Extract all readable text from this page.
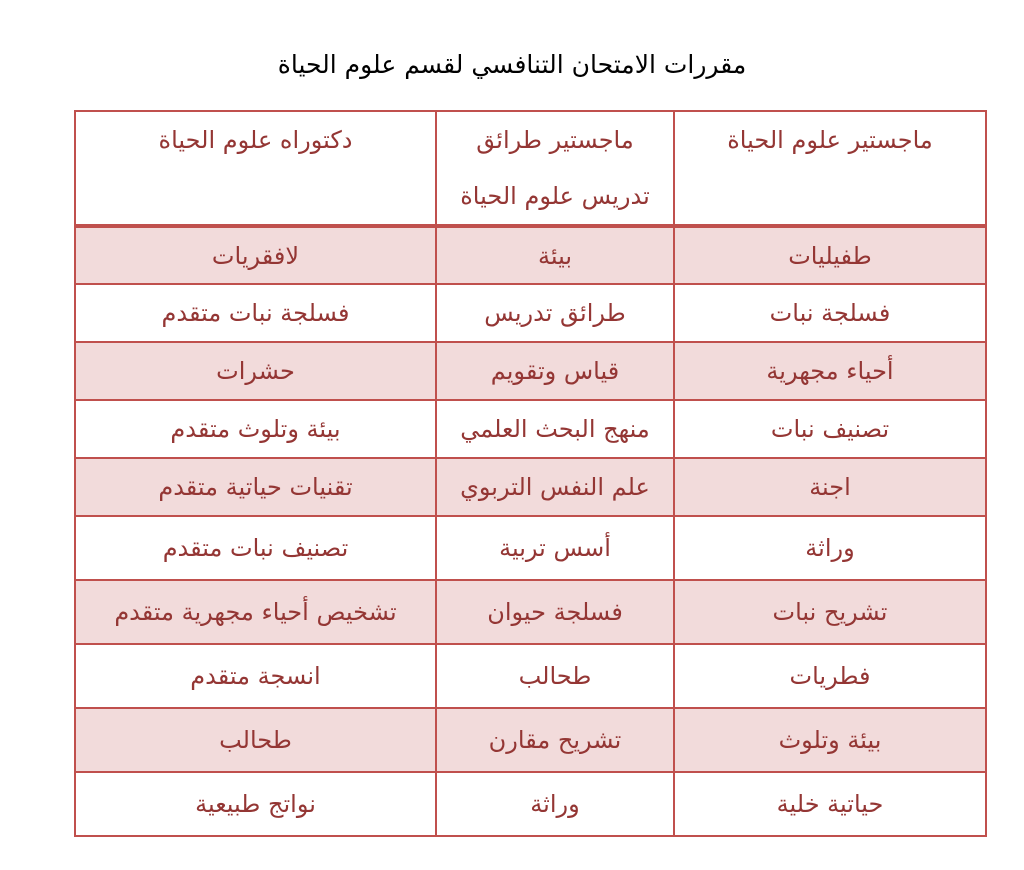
مقررات الامتحان التنافسي لقسم علوم الحياة
ماجستير علوم الحياة	ماجستير طرائق تدريس علوم الحياة	دكتوراه علوم الحياة
طفيليات	بيئة	لافقريات
فسلجة نبات	طرائق تدريس	فسلجة نبات متقدم
أحياء مجهرية	قياس وتقويم	حشرات
تصنيف نبات	منهج البحث العلمي	بيئة وتلوث متقدم
اجنة	علم النفس التربوي	تقنيات حياتية متقدم
وراثة	أسس تربية	تصنيف نبات متقدم
تشريح نبات	فسلجة حيوان	تشخيص أحياء مجهرية متقدم
فطريات	طحالب	انسجة متقدم
بيئة وتلوث	تشريح مقارن	طحالب
حياتية خلية	وراثة	نواتج طبيعية
